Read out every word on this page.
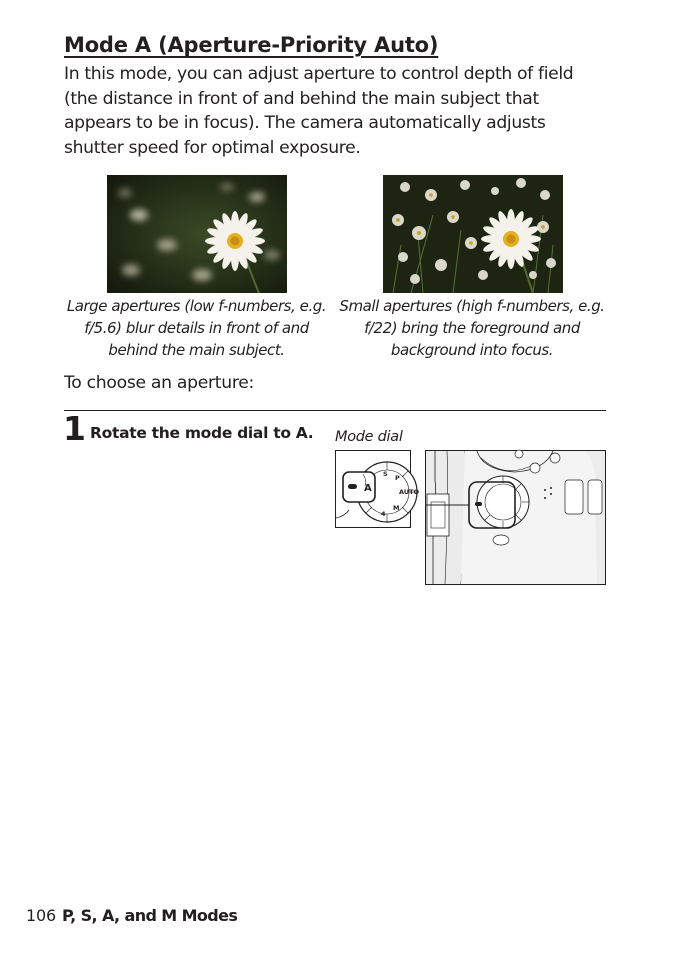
Mode A (Aperture-Priority Auto)

In this mode, you can adjust aperture to control depth of field (the distance in front of and behind the main subject that appears to be in focus). The camera automatically adjusts shutter speed for optimal exposure.

Large apertures (low f-numbers, e.g. f/5.6) blur details in front of and behind the main subject.

Small apertures (high f-numbers, e.g. f/22) bring the foreground and background into focus.

To choose an aperture:

1 Rotate the mode dial to A. Mode dial
S P
AUTO
M
4
A
106 P, S, A, and M Modes
